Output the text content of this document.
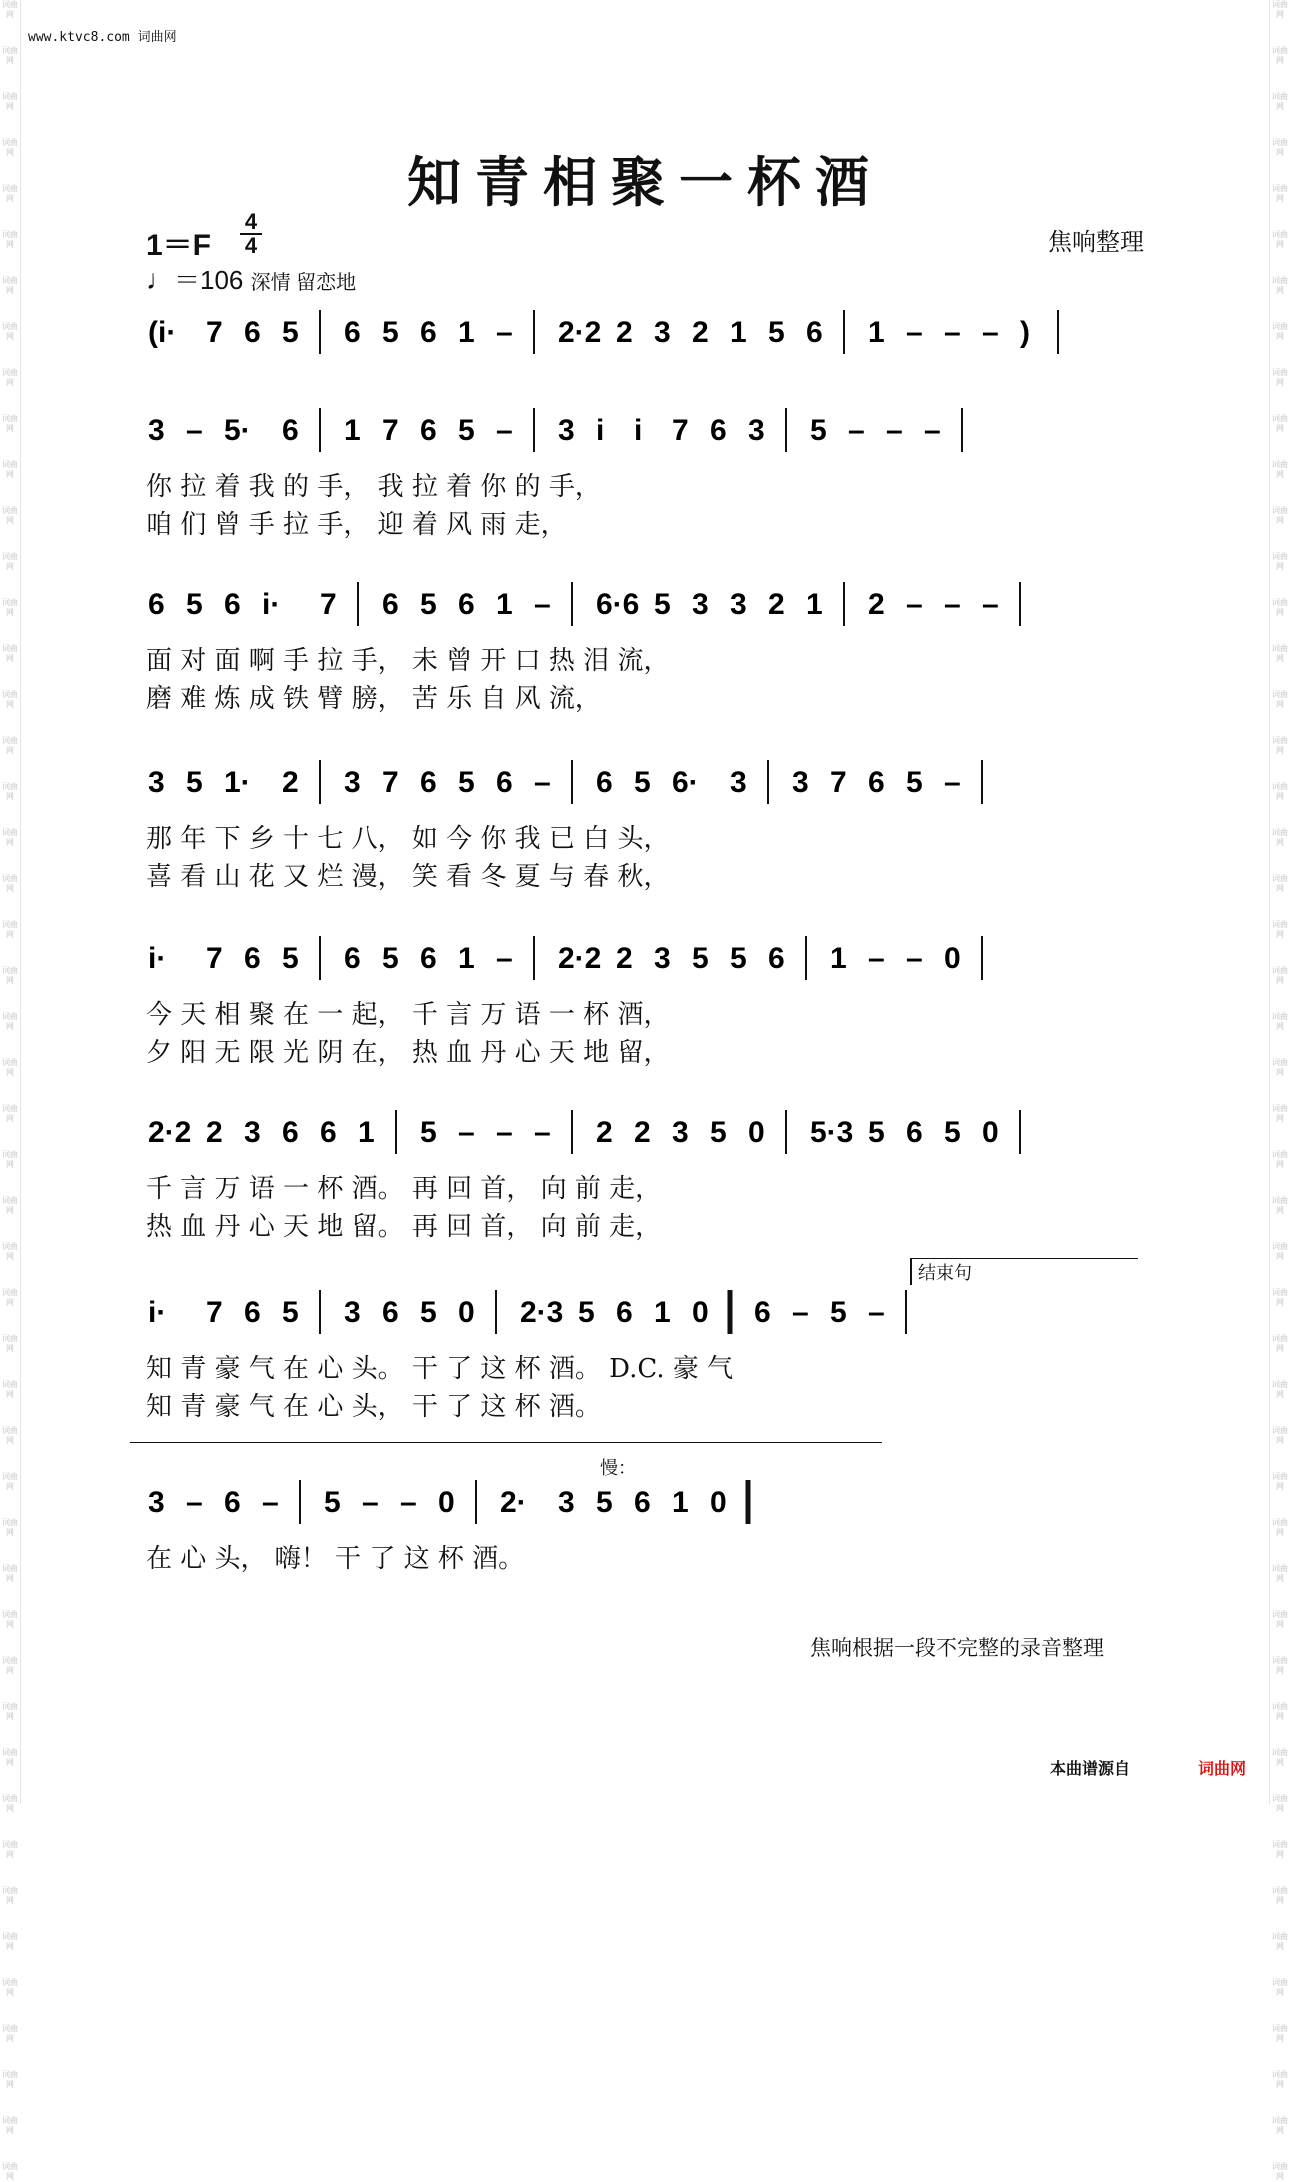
词曲网
词曲网
词曲网
词曲网
词曲网
词曲网
词曲网
词曲网
词曲网
词曲网
词曲网
词曲网
词曲网
词曲网
词曲网
词曲网
词曲网
词曲网
词曲网
词曲网
词曲网
词曲网
词曲网
词曲网
词曲网
词曲网
词曲网
词曲网
词曲网
词曲网
词曲网
词曲网
词曲网
词曲网
词曲网
词曲网
词曲网
词曲网
词曲网
词曲网
词曲网
词曲网
词曲网
词曲网
词曲网
词曲网
词曲网
词曲网
词曲网
词曲网
词曲网
词曲网
词曲网
词曲网
词曲网
词曲网
词曲网
词曲网
词曲网
词曲网
词曲网
词曲网
词曲网
词曲网
词曲网
词曲网
词曲网
词曲网
词曲网
词曲网
词曲网
词曲网
词曲网
词曲网
词曲网
词曲网
词曲网
词曲网
词曲网
词曲网
词曲网
词曲网
词曲网
词曲网
词曲网
词曲网
词曲网
词曲网
词曲网
词曲网
词曲网
词曲网
词曲网
词曲网
词曲网
词曲网
www.ktvc8.com 词曲网
知青相聚一杯酒
焦响整理
1＝F
4
4
♩＝106 深情 留恋地
(i· 7 6 5 6 5 6 1 – 2·2 2 3 2 1 5 6 1 – – – )
3 – 5· 6 1 7 6 5 – 3 i i 7 6 3 5 – – –
你 拉 着 我 的 手， 我 拉 着 你 的 手，
咱 们 曾 手 拉 手， 迎 着 风 雨 走，
6 5 6 i· 7 6 5 6 1 – 6·6 5 3 3 2 1 2 – – –
面 对 面 啊 手 拉 手， 未 曾 开 口 热 泪 流，
磨 难 炼 成 铁 臂 膀， 苦 乐 自 风 流，
3 5 1· 2 3 7 6 5 6 – 6 5 6· 3 3 7 6 5 –
那 年 下 乡 十 七 八， 如 今 你 我 已 白 头，
喜 看 山 花 又 烂 漫， 笑 看 冬 夏 与 春 秋，
i· 7 6 5 6 5 6 1 – 2·2 2 3 5 5 6 1 – – 0
今 天 相 聚 在 一 起， 千 言 万 语 一 杯 酒，
夕 阳 无 限 光 阴 在， 热 血 丹 心 天 地 留，
2·2 2 3 6 6 1 5 – – – 2 2 3 5 0 5·3 5 6 5 0
千 言 万 语 一 杯 酒。 再 回 首， 向 前 走，
热 血 丹 心 天 地 留。 再 回 首， 向 前 走，
i· 7 6 5 3 6 5 0 2·3 5 6 1 0 6 – 5 –
结束句
知 青 豪 气 在 心 头。 干 了 这 杯 酒。 D.C. 豪 气
知 青 豪 气 在 心 头， 干 了 这 杯 酒。
3 – 6 – 5 – – 0 2· 3 5 6 1 0
慢：
在 心 头， 嗨！ 干 了 这 杯 酒。
焦响根据一段不完整的录音整理
本曲谱源自	词曲网
